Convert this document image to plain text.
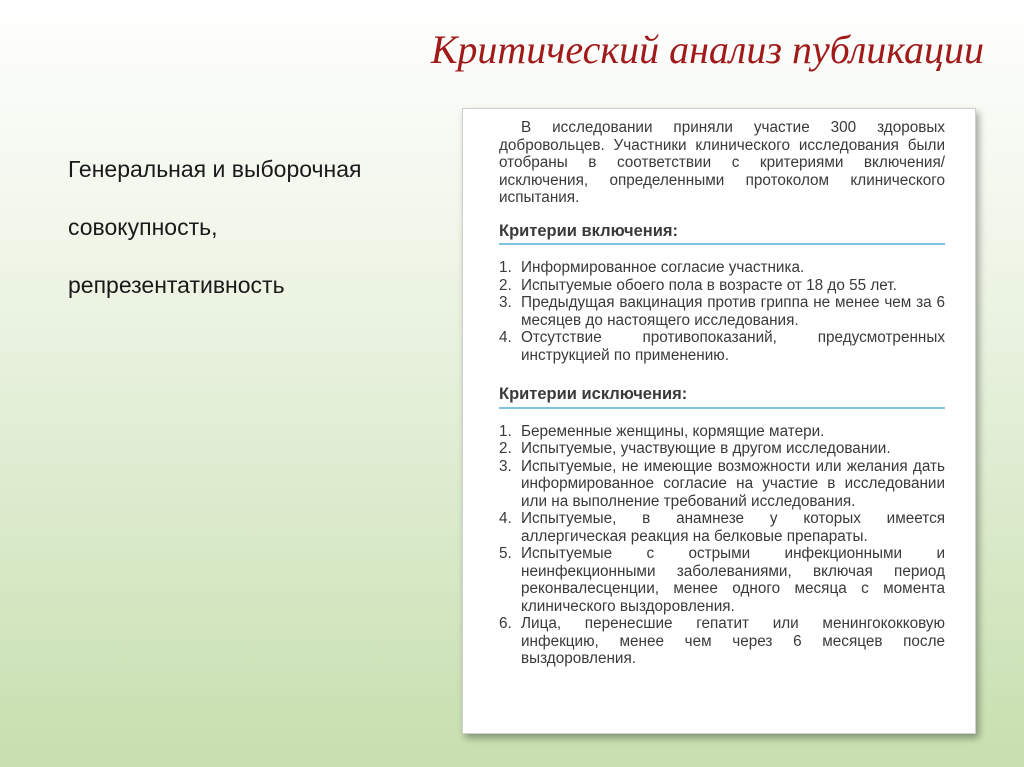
Критический анализ публикации
Генеральная и выборочная
совокупность,
репрезентативность
В исследовании приняли участие 300 здоровых добровольцев. Участники клинического исследования были отобраны в соответствии с критериями включения/исключения, определенными протоколом клинического испытания.
Критерии включения:
1. Информированное согласие участника.
2. Испытуемые обоего пола в возрасте от 18 до 55 лет.
3. Предыдущая вакцинация против гриппа не менее чем за 6 месяцев до настоящего исследования.
4. Отсутствие противопоказаний, предусмотренных инструкцией по применению.
Критерии исключения:
1. Беременные женщины, кормящие матери.
2. Испытуемые, участвующие в другом исследовании.
3. Испытуемые, не имеющие возможности или желания дать информированное согласие на участие в исследовании или на выполнение требований исследования.
4. Испытуемые, в анамнезе у которых имеется аллергическая реакция на белковые препараты.
5. Испытуемые с острыми инфекционными и неинфекционными заболеваниями, включая период реконвалесценции, менее одного месяца с момента клинического выздоровления.
6. Лица, перенесшие гепатит или менингококковую инфекцию, менее чем через 6 месяцев после выздоровления.
